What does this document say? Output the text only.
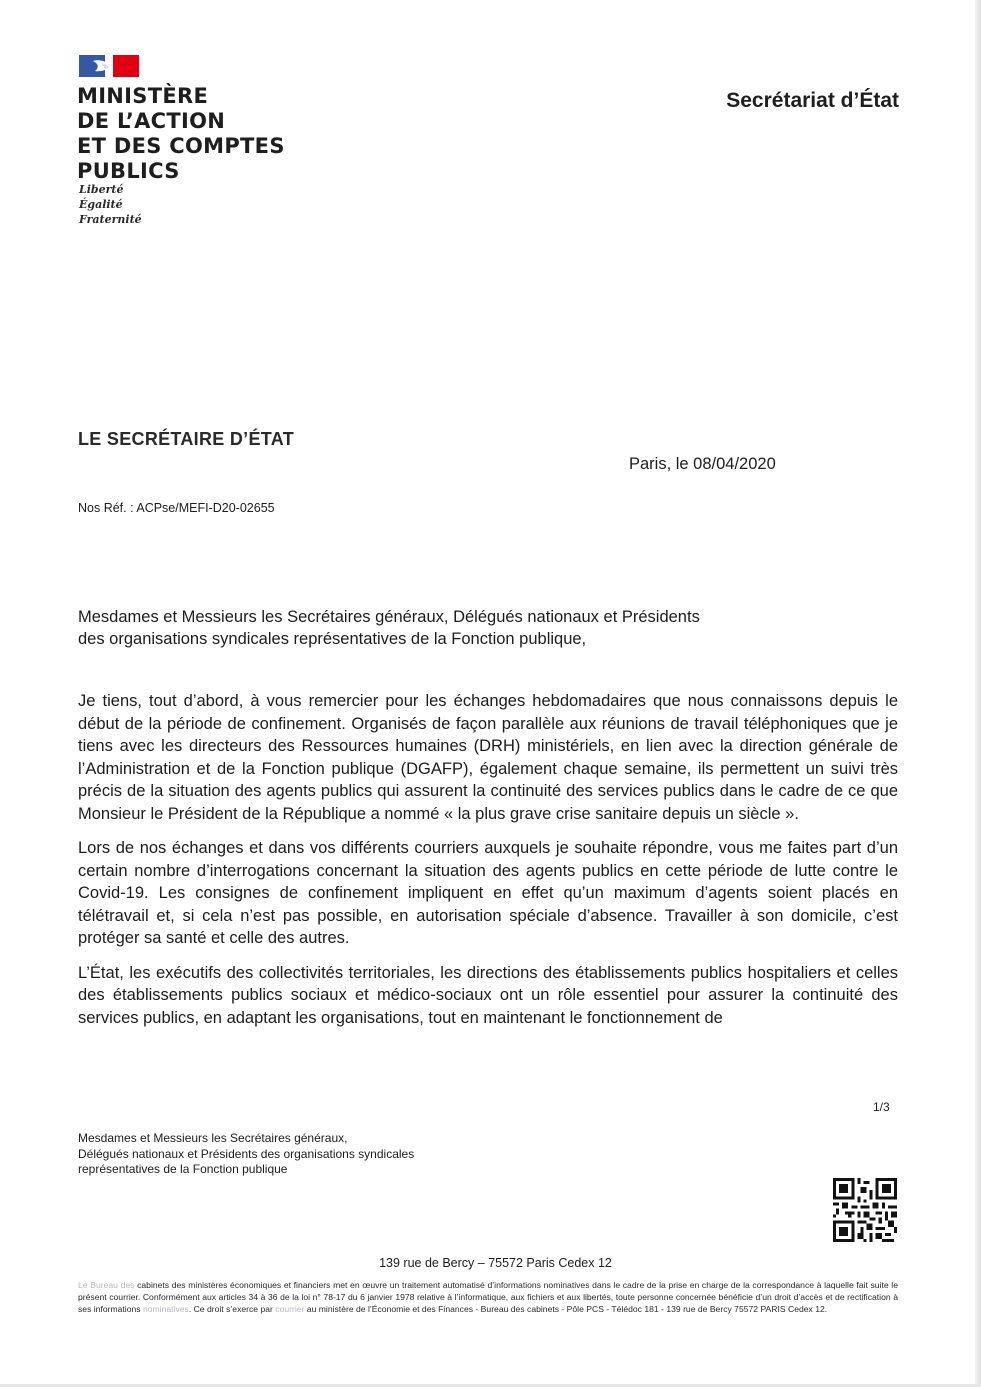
MINISTÈRE
DE L’ACTION
ET DES COMPTES
PUBLICS
Liberté
Égalité
Fraternité
Secrétariat d’État
LE SECRÉTAIRE D’ÉTAT
Paris, le 08/04/2020
Nos Réf. : ACPse/MEFI-D20-02655
Mesdames et Messieurs les Secrétaires généraux, Délégués nationaux et Présidents
des organisations syndicales représentatives de la Fonction publique,

Je tiens, tout d’abord, à vous remercier pour les échanges hebdomadaires que nous connaissons depuis le début de la période de confinement. Organisés de façon parallèle aux réunions de travail téléphoniques que je tiens avec les directeurs des Ressources humaines (DRH) ministériels, en lien avec la direction générale de l’Administration et de la Fonction publique (DGAFP), également chaque semaine, ils permettent un suivi très précis de la situation des agents publics qui assurent la continuité des services publics dans le cadre de ce que Monsieur le Président de la République a nommé « la plus grave crise sanitaire depuis un siècle ».

Lors de nos échanges et dans vos différents courriers auxquels je souhaite répondre, vous me faites part d’un certain nombre d’interrogations concernant la situation des agents publics en cette période de lutte contre le Covid-19. Les consignes de confinement impliquent en effet qu’un maximum d’agents soient placés en télétravail et, si cela n’est pas possible, en autorisation spéciale d’absence. Travailler à son domicile, c’est protéger sa santé et celle des autres.

L’État, les exécutifs des collectivités territoriales, les directions des établissements publics hospitaliers et celles des établissements publics sociaux et médico-sociaux ont un rôle essentiel pour assurer la continuité des services publics, en adaptant les organisations, tout en maintenant le fonctionnement de

1/3
Mesdames et Messieurs les Secrétaires généraux,
Délégués nationaux et Présidents des organisations syndicales
représentatives de la Fonction publique
139 rue de Bercy – 75572 Paris Cedex 12
Le Bureau des cabinets des ministères économiques et financiers met en œuvre un traitement automatisé d’informations nominatives dans le cadre de la prise en charge de la correspondance à laquelle fait suite le présent courrier. Conformément aux articles 34 à 36 de la loi n° 78-17 du 6 janvier 1978 relative à l’informatique, aux fichiers et aux libertés, toute personne concernée bénéficie d’un droit d’accès et de rectification à ses informations nominatives. Ce droit s’exerce par courrier au ministère de l’Économie et des Finances - Bureau des cabinets - Pôle PCS - Télédoc 181 - 139 rue de Bercy 75572 PARIS Cedex 12.
